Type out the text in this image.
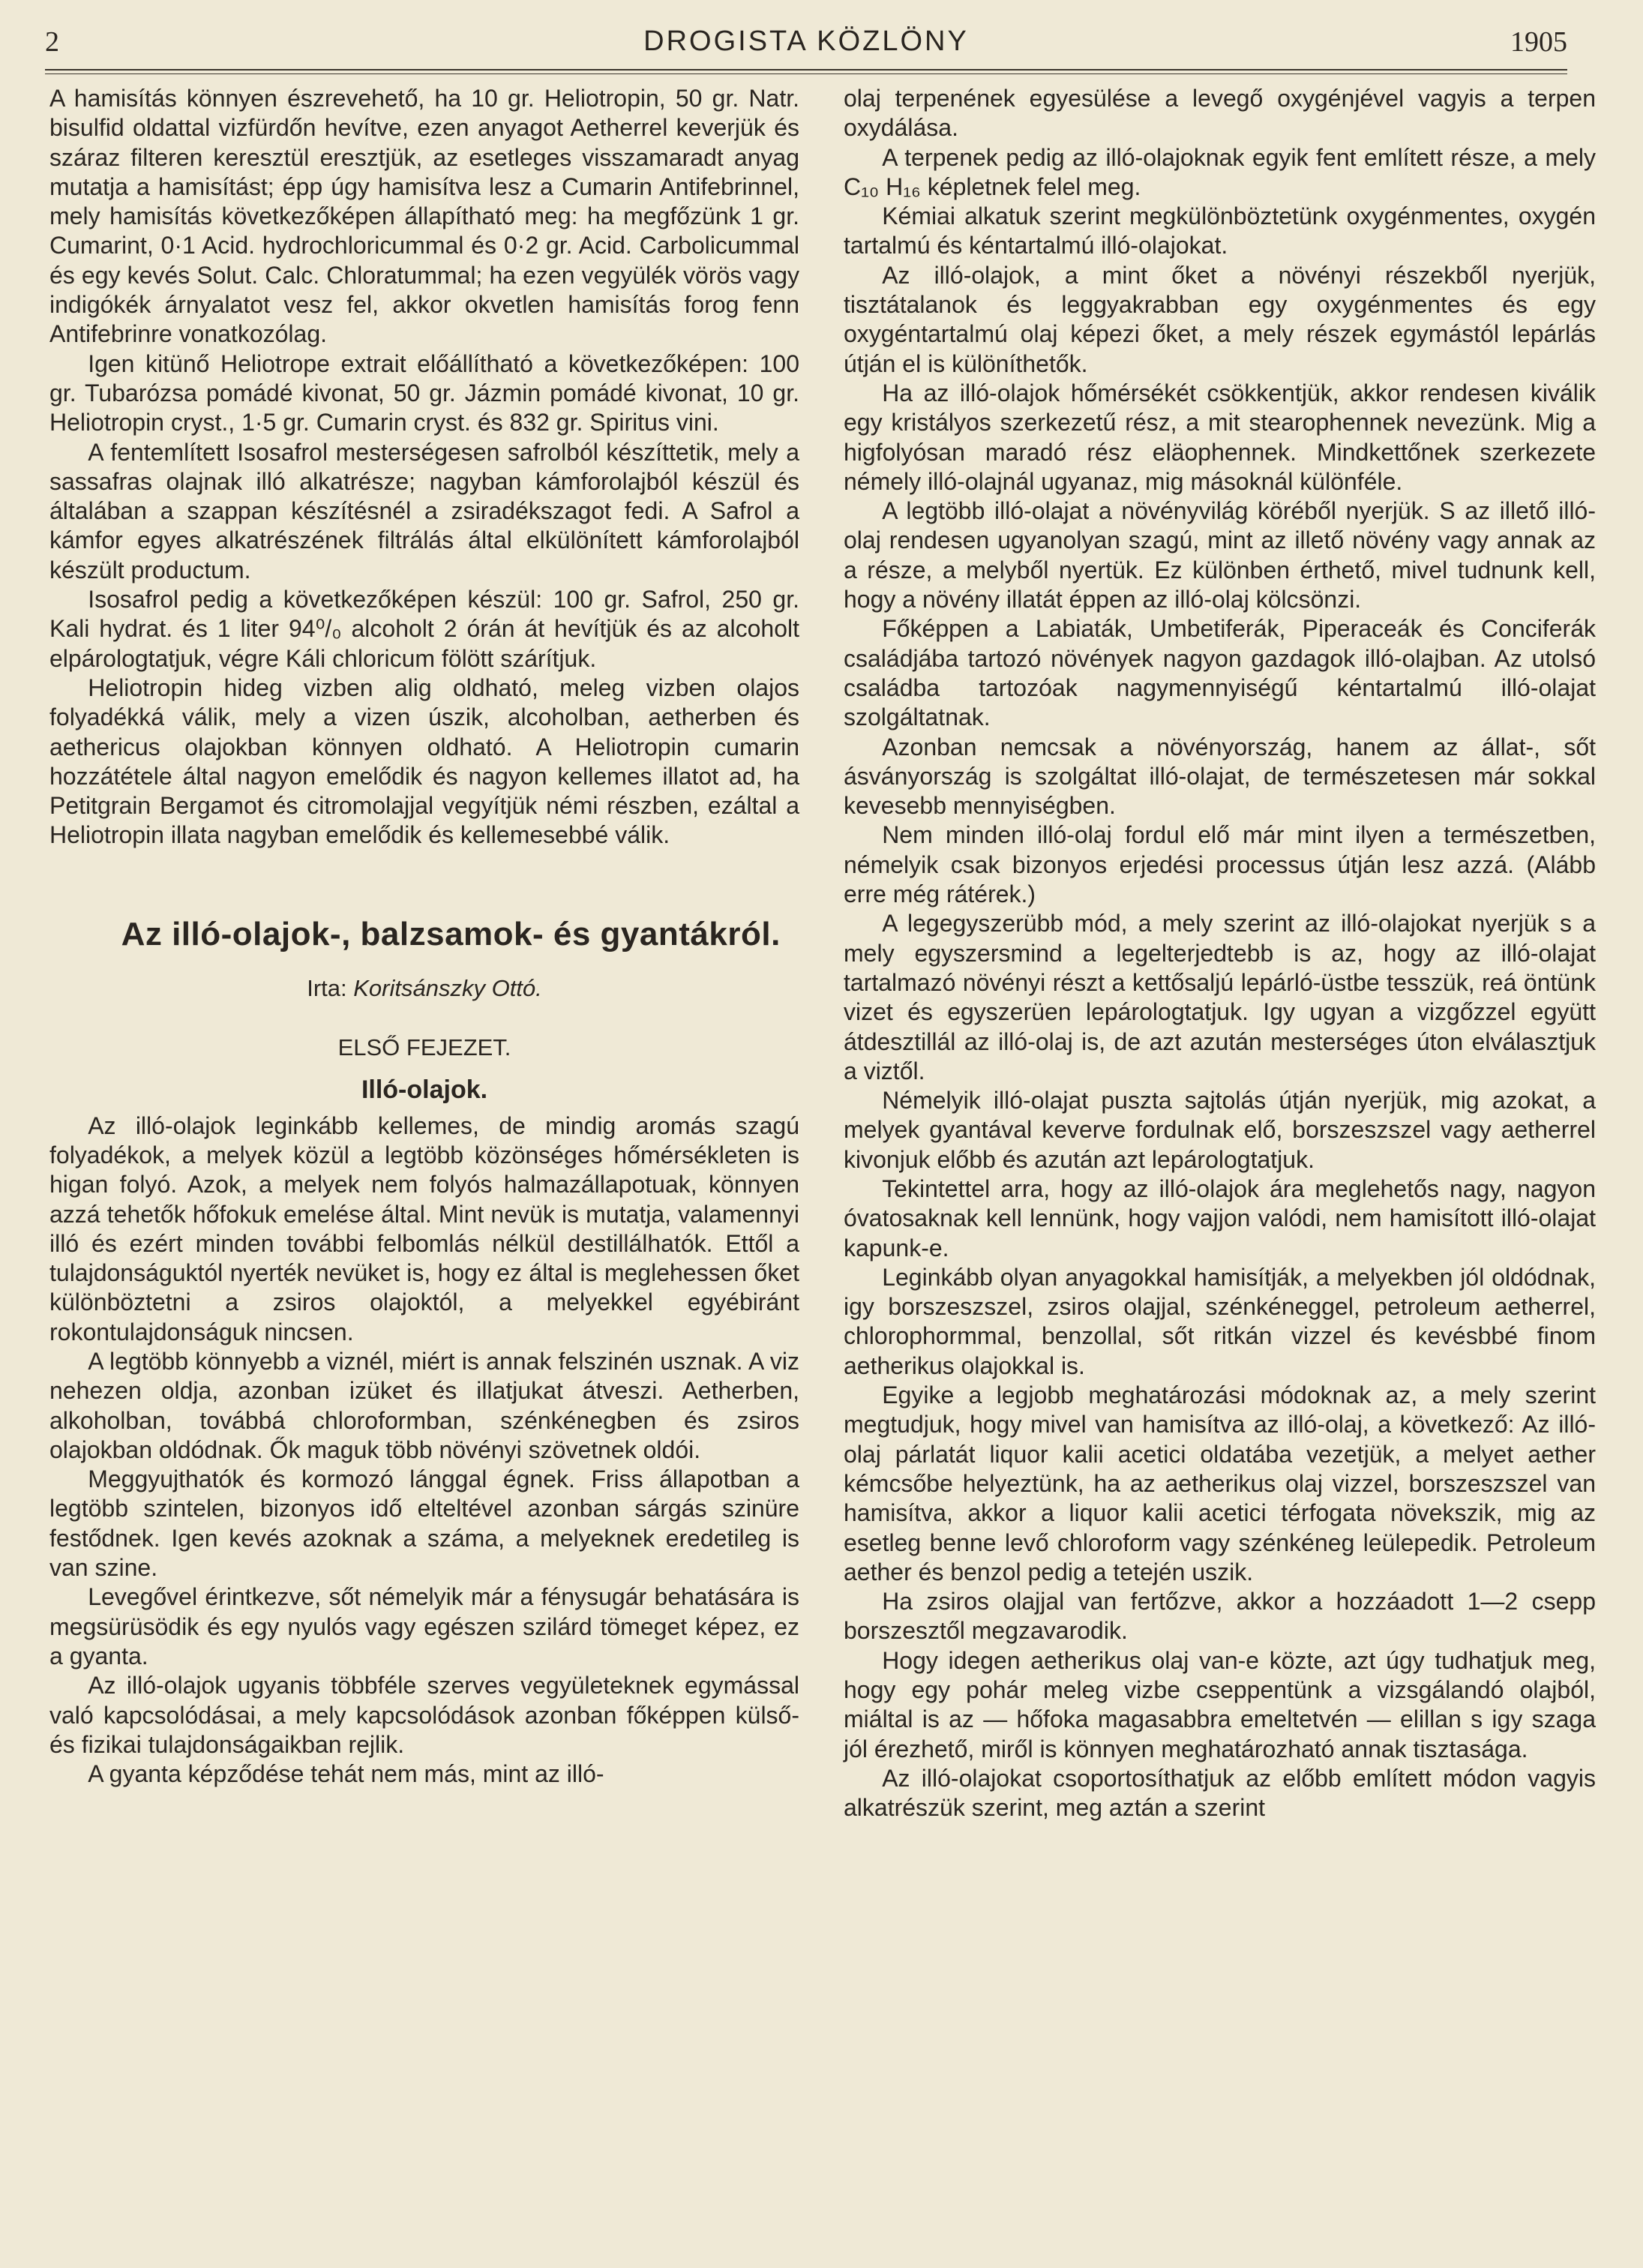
2	DROGISTA KÖZLÖNY	1905

A hamisítás könnyen észrevehető, ha 10 gr. Heliotropin, 50 gr. Natr. bisulfid oldattal vizfürdőn hevítve, ezen anyagot Aetherrel keverjük és száraz filteren keresztül eresztjük, az esetleges visszamaradt anyag mutatja a hamisítást; épp úgy hamisítva lesz a Cumarin Antifebrinnel, mely hamisítás következőképen állapítható meg: ha megfőzünk 1 gr. Cumarint, 0·1 Acid. hydrochloricummal és 0·2 gr. Acid. Carbolicummal és egy kevés Solut. Calc. Chloratummal; ha ezen vegyülék vörös vagy indigókék árnyalatot vesz fel, akkor okvetlen hamisítás forog fenn Antifebrinre vonatkozólag.

Igen kitünő Heliotrope extrait előállítható a következőképen: 100 gr. Tubarózsa pomádé kivonat, 50 gr. Jázmin pomádé kivonat, 10 gr. Heliotropin cryst., 1·5 gr. Cumarin cryst. és 832 gr. Spiritus vini.

A fentemlített Isosafrol mesterségesen safrolból készíttetik, mely a sassafras olajnak illó alkatrésze; nagyban kámforolajból készül és általában a szappan készítésnél a zsiradékszagot fedi. A Safrol a kámfor egyes alkatrészének filtrálás által elkülönített kámforolajból készült productum.

Isosafrol pedig a következőképen készül: 100 gr. Safrol, 250 gr. Kali hydrat. és 1 liter 94⁰/₀ alcoholt 2 órán át hevítjük és az alcoholt elpárologtatjuk, végre Káli chloricum fölött szárítjuk.

Heliotropin hideg vizben alig oldható, meleg vizben olajos folyadékká válik, mely a vizen úszik, alcoholban, aetherben és aethericus olajokban könnyen oldható. A Heliotropin cumarin hozzátétele által nagyon emelődik és nagyon kellemes illatot ad, ha Petitgrain Bergamot és citromolajjal vegyítjük némi részben, ezáltal a Heliotropin illata nagyban emelődik és kellemesebbé válik.

Az illó-olajok-, balzsamok- és gyantákról.

Irta: Koritsánszky Ottó.
ELSŐ FEJEZET.
Illó-olajok.

Az illó-olajok leginkább kellemes, de mindig aromás szagú folyadékok, a melyek közül a legtöbb közönséges hőmérsékleten is higan folyó. Azok, a melyek nem folyós halmazállapotuak, könnyen azzá tehetők hőfokuk emelése által. Mint nevük is mutatja, valamennyi illó és ezért minden további felbomlás nélkül destillálhatók. Ettől a tulajdonságuktól nyerték nevüket is, hogy ez által is meglehessen őket különböztetni a zsiros olajoktól, a melyekkel egyébiránt rokontulajdonságuk nincsen.

A legtöbb könnyebb a viznél, miért is annak felszinén usznak. A viz nehezen oldja, azonban izüket és illatjukat átveszi. Aetherben, alkoholban, továbbá chloroformban, szénkénegben és zsiros olajokban oldódnak. Ők maguk több növényi szövetnek oldói.

Meggyujthatók és kormozó lánggal égnek. Friss állapotban a legtöbb szintelen, bizonyos idő elteltével azonban sárgás szinüre festődnek. Igen kevés azoknak a száma, a melyeknek eredetileg is van szine.

Levegővel érintkezve, sőt némelyik már a fénysugár behatására is megsürüsödik és egy nyulós vagy egészen szilárd tömeget képez, ez a gyanta.

Az illó-olajok ugyanis többféle szerves vegyületeknek egymással való kapcsolódásai, a mely kapcsolódások azonban főképpen külső- és fizikai tulajdonságaikban rejlik.

A gyanta képződése tehát nem más, mint az illó-

olaj terpenének egyesülése a levegő oxygénjével vagyis a terpen oxydálása.

A terpenek pedig az illó-olajoknak egyik fent említett része, a mely C₁₀ H₁₆ képletnek felel meg.

Kémiai alkatuk szerint megkülönböztetünk oxygénmentes, oxygén tartalmú és kéntartalmú illó-olajokat.

Az illó-olajok, a mint őket a növényi részekből nyerjük, tisztátalanok és leggyakrabban egy oxygénmentes és egy oxygéntartalmú olaj képezi őket, a mely részek egymástól lepárlás útján el is különíthetők.

Ha az illó-olajok hőmérsékét csökkentjük, akkor rendesen kiválik egy kristályos szerkezetű rész, a mit stearophennek nevezünk. Mig a higfolyósan maradó rész eläophennek. Mindkettőnek szerkezete némely illó-olajnál ugyanaz, mig másoknál különféle.

A legtöbb illó-olajat a növényvilág köréből nyerjük. S az illető illó-olaj rendesen ugyanolyan szagú, mint az illető növény vagy annak az a része, a melyből nyertük. Ez különben érthető, mivel tudnunk kell, hogy a növény illatát éppen az illó-olaj kölcsönzi.

Főképpen a Labiaták, Umbetiferák, Piperaceák és Conciferák családjába tartozó növények nagyon gazdagok illó-olajban. Az utolsó családba tartozóak nagymennyiségű kéntartalmú illó-olajat szolgáltatnak.

Azonban nemcsak a növényország, hanem az állat-, sőt ásványország is szolgáltat illó-olajat, de természetesen már sokkal kevesebb mennyiségben.

Nem minden illó-olaj fordul elő már mint ilyen a természetben, némelyik csak bizonyos erjedési processus útján lesz azzá. (Alább erre még rátérek.)

A legegyszerübb mód, a mely szerint az illó-olajokat nyerjük s a mely egyszersmind a legelterjedtebb is az, hogy az illó-olajat tartalmazó növényi részt a kettősaljú lepárló-üstbe tesszük, reá öntünk vizet és egyszerüen lepárologtatjuk. Igy ugyan a vizgőzzel együtt átdesztillál az illó-olaj is, de azt azután mesterséges úton elválasztjuk a viztől.

Némelyik illó-olajat puszta sajtolás útján nyerjük, mig azokat, a melyek gyantával keverve fordulnak elő, borszeszszel vagy aetherrel kivonjuk előbb és azután azt lepárologtatjuk.

Tekintettel arra, hogy az illó-olajok ára meglehetős nagy, nagyon óvatosaknak kell lennünk, hogy vajjon valódi, nem hamisított illó-olajat kapunk-e.

Leginkább olyan anyagokkal hamisítják, a melyekben jól oldódnak, igy borszeszszel, zsiros olajjal, szénkéneggel, petroleum aetherrel, chlorophormmal, benzollal, sőt ritkán vizzel és kevésbbé finom aetherikus olajokkal is.

Egyike a legjobb meghatározási módoknak az, a mely szerint megtudjuk, hogy mivel van hamisítva az illó-olaj, a következő: Az illó-olaj párlatát liquor kalii acetici oldatába vezetjük, a melyet aether kémcsőbe helyeztünk, ha az aetherikus olaj vizzel, borszeszszel van hamisítva, akkor a liquor kalii acetici térfogata növekszik, mig az esetleg benne levő chloroform vagy szénkéneg leülepedik. Petroleum aether és benzol pedig a tetején uszik.

Ha zsiros olajjal van fertőzve, akkor a hozzáadott 1—2 csepp borszesztől megzavarodik.

Hogy idegen aetherikus olaj van-e közte, azt úgy tudhatjuk meg, hogy egy pohár meleg vizbe cseppentünk a vizsgálandó olajból, miáltal is az — hőfoka magasabbra emeltetvén — elillan s igy szaga jól érezhető, miről is könnyen meghatározható annak tisztasága.

Az illó-olajokat csoportosíthatjuk az előbb említett módon vagyis alkatrészük szerint, meg aztán a szerint
